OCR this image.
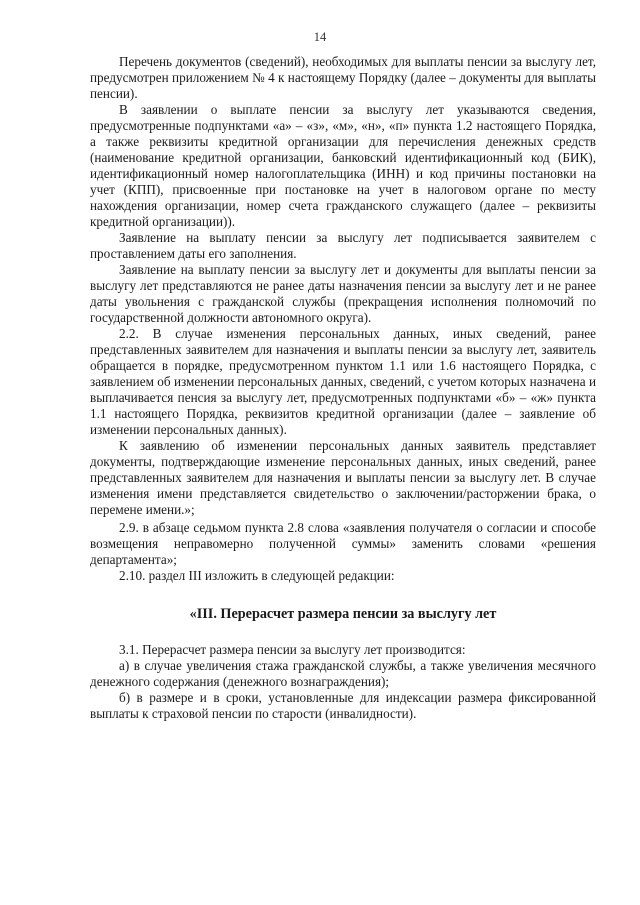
14

Перечень документов (сведений), необходимых для выплаты пенсии за выслугу лет, предусмотрен приложением № 4 к настоящему Порядку (далее – документы для выплаты пенсии).

В заявлении о выплате пенсии за выслугу лет указываются сведения, предусмотренные подпунктами «а» – «з», «м», «н», «п» пункта 1.2 настоящего Порядка, а также реквизиты кредитной организации для перечисления денежных средств (наименование кредитной организации, банковский идентификационный код (БИК), идентификационный номер налогоплательщика (ИНН) и код причины постановки на учет (КПП), присвоенные при постановке на учет в налоговом органе по месту нахождения организации, номер счета гражданского служащего (далее – реквизиты кредитной организации)).

Заявление на выплату пенсии за выслугу лет подписывается заявителем с проставлением даты его заполнения.

Заявление на выплату пенсии за выслугу лет и документы для выплаты пенсии за выслугу лет представляются не ранее даты назначения пенсии за выслугу лет и не ранее даты увольнения с гражданской службы (прекращения исполнения полномочий по государственной должности автономного округа).

2.2. В случае изменения персональных данных, иных сведений, ранее представленных заявителем для назначения и выплаты пенсии за выслугу лет, заявитель обращается в порядке, предусмотренном пунктом 1.1 или 1.6 настоящего Порядка, с заявлением об изменении персональных данных, сведений, с учетом которых назначена и выплачивается пенсия за выслугу лет, предусмотренных подпунктами «б» – «ж» пункта 1.1 настоящего Порядка, реквизитов кредитной организации (далее – заявление об изменении персональных данных).

К заявлению об изменении персональных данных заявитель представляет документы, подтверждающие изменение персональных данных, иных сведений, ранее представленных заявителем для назначения и выплаты пенсии за выслугу лет. В случае изменения имени представляется свидетельство о заключении/расторжении брака, о перемене имени.»;

2.9. в абзаце седьмом пункта 2.8 слова «заявления получателя о согласии и способе возмещения неправомерно полученной суммы» заменить словами «решения департамента»;

2.10. раздел III изложить в следующей редакции:

«III. Перерасчет размера пенсии за выслугу лет

3.1. Перерасчет размера пенсии за выслугу лет производится:

а) в случае увеличения стажа гражданской службы, а также увеличения месячного денежного содержания (денежного вознаграждения);

б) в размере и в сроки, установленные для индексации размера фиксированной выплаты к страховой пенсии по старости (инвалидности).
